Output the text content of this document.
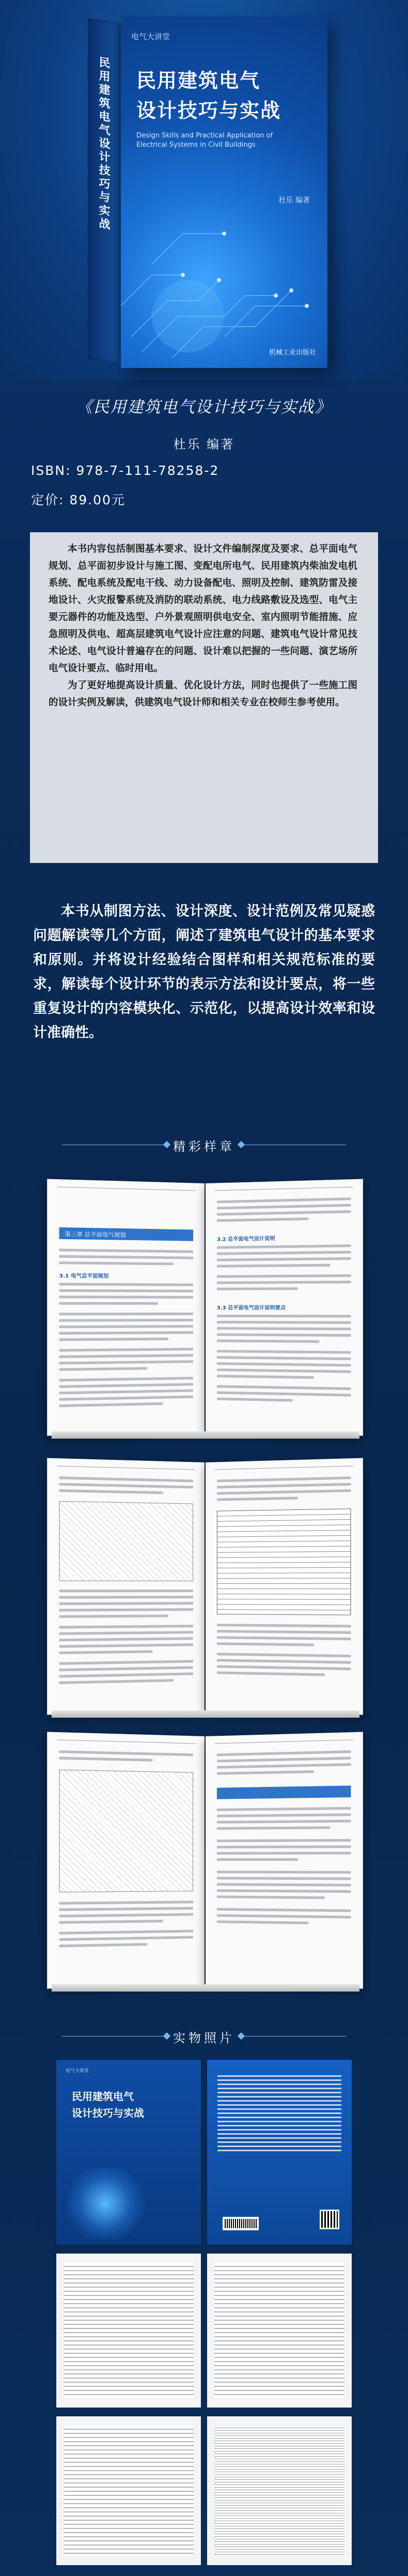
民用建筑电气设计技巧与实战
电气大讲堂
民用建筑电气
设计技巧与实战
Design Skills and Practical Application of Electrical Systems in Civil Buildings
杜乐 编著
机械工业出版社
《民用建筑电气设计技巧与实战》
杜乐 编著
ISBN: 978-7-111-78258-2
定价: 89.00元

本书内容包括制图基本要求、设计文件编制深度及要求、总平面电气规划、总平面初步设计与施工图、变配电所电气、民用建筑内柴油发电机系统、配电系统及配电干线、动力设备配电、照明及控制、建筑防雷及接地设计、火灾报警系统及消防的联动系统、电力线路敷设及选型、电气主要元器件的功能及选型、户外景观照明供电安全、室内照明节能措施、应急照明及供电、超高层建筑电气设计应注意的问题、建筑电气设计常见技术论述、电气设计普遍存在的问题、设计难以把握的一些问题、演艺场所电气设计要点、临时用电。

为了更好地提高设计质量、优化设计方法，同时也提供了一些施工图的设计实例及解读，供建筑电气设计师和相关专业在校师生参考使用。

本书从制图方法、设计深度、设计范例及常见疑惑问题解读等几个方面，阐述了建筑电气设计的基本要求和原则。并将设计经验结合图样和相关规范标准的要求，解读每个设计环节的表示方法和设计要点，将一些重复设计的内容模块化、示范化，以提高设计效率和设计准确性。
精彩样章
第三章 总平面电气规划
3.1 电气总平面规划
3.2 总平面电气设计说明
3.3 总平面电气设计说明要点
实物照片
电气大讲堂
民用建筑电气
设计技巧与实战
